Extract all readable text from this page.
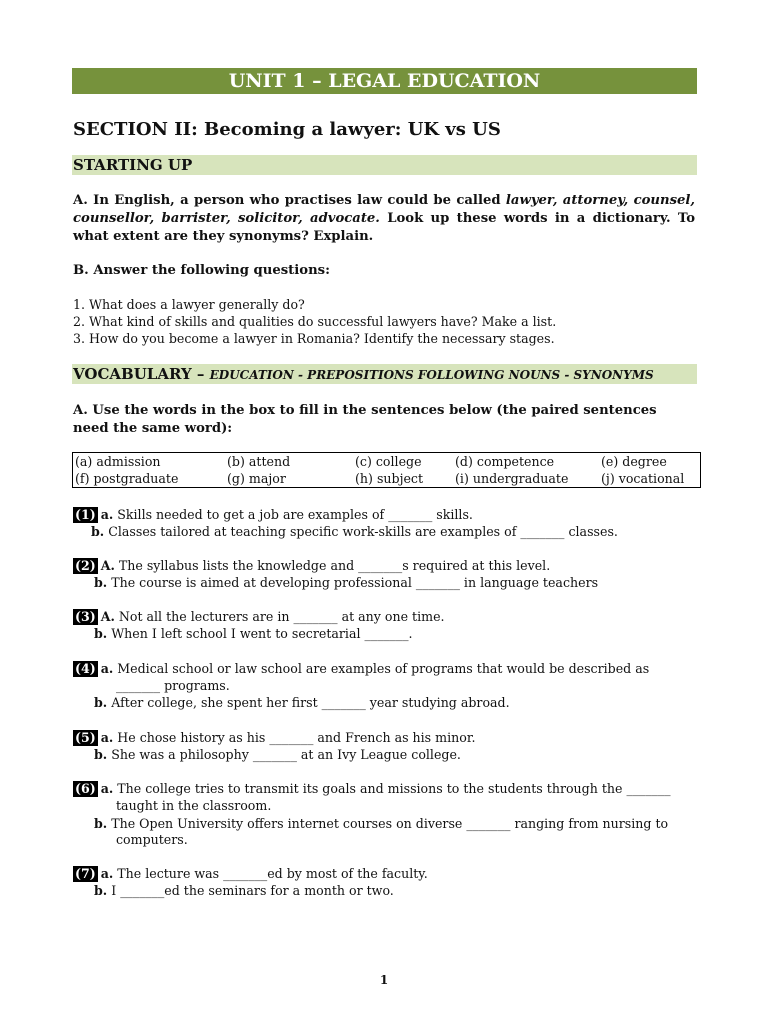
UNIT 1 – LEGAL EDUCATION
SECTION II: Becoming a lawyer: UK vs US
STARTING UP
A. In English, a person who practises law could be called lawyer, attorney, counsel, counsellor, barrister, solicitor, advocate. Look up these words in a dictionary. To what extent are they synonyms? Explain.
B. Answer the following questions:
1. What does a lawyer generally do?
2. What kind of skills and qualities do successful lawyers have? Make a list.
3. How do you become a lawyer in Romania? Identify the necessary stages.
VOCABULARY – EDUCATION - PREPOSITIONS FOLLOWING NOUNS - SYNONYMS
A. Use the words in the box to fill in the sentences below (the paired sentences need the same word):
(a) admission	(b) attend	(c) college	(d) competence	(e) degree
(f) postgraduate	(g) major	(h) subject	(i) undergraduate	(j) vocational
(1) a. Skills needed to get a job are examples of _______ skills.
b. Classes tailored at teaching specific work-skills are examples of _______ classes.
(2) A. The syllabus lists the knowledge and _______s required at this level.
b. The course is aimed at developing professional _______ in language teachers
(3) A. Not all the lecturers are in _______ at any one time.
b. When I left school I went to secretarial _______.
(4) a. Medical school or law school are examples of programs that would be described as
_______ programs.
b. After college, she spent her first _______ year studying abroad.
(5) a. He chose history as his _______ and French as his minor.
b. She was a philosophy _______ at an Ivy League college.
(6) a. The college tries to transmit its goals and missions to the students through the _______
taught in the classroom.
b. The Open University offers internet courses on diverse _______ ranging from nursing to
computers.
(7) a. The lecture was _______ed by most of the faculty.
b. I _______ed the seminars for a month or two.
1
